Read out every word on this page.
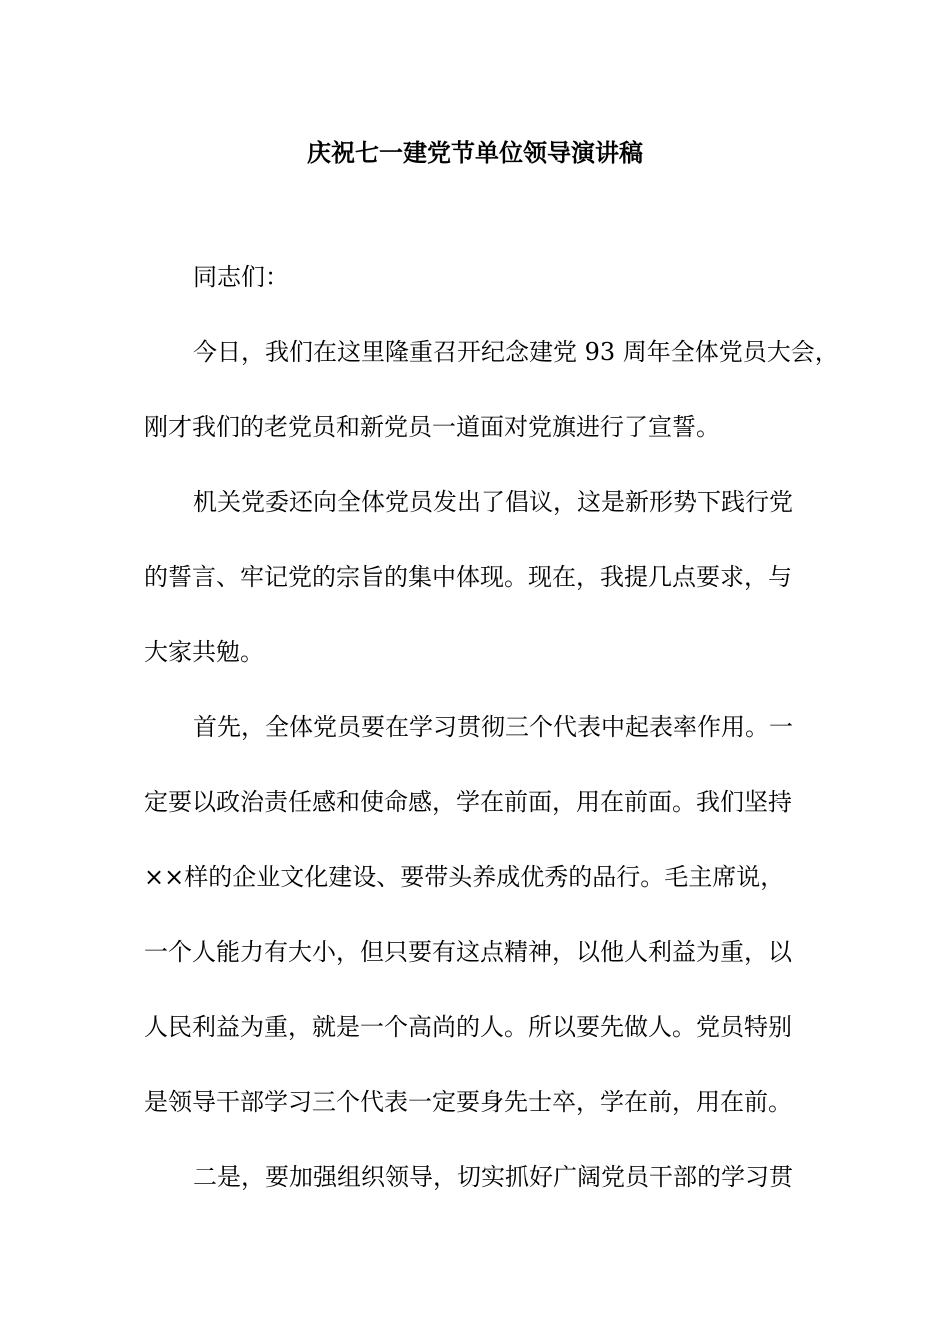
庆祝七一建党节单位领导演讲稿

同志们：

今日，我们在这里隆重召开纪念建党 93 周年全体党员大会，

刚才我们的老党员和新党员一道面对党旗进行了宣誓。

机关党委还向全体党员发出了倡议，这是新形势下践行党

的誓言、牢记党的宗旨的集中体现。现在，我提几点要求，与

大家共勉。

首先，全体党员要在学习贯彻三个代表中起表率作用。一

定要以政治责任感和使命感，学在前面，用在前面。我们坚持

××样的企业文化建设、要带头养成优秀的品行。毛主席说，

一个人能力有大小，但只要有这点精神，以他人利益为重，以

人民利益为重，就是一个高尚的人。所以要先做人。党员特别

是领导干部学习三个代表一定要身先士卒，学在前，用在前。

二是，要加强组织领导，切实抓好广阔党员干部的学习贯
